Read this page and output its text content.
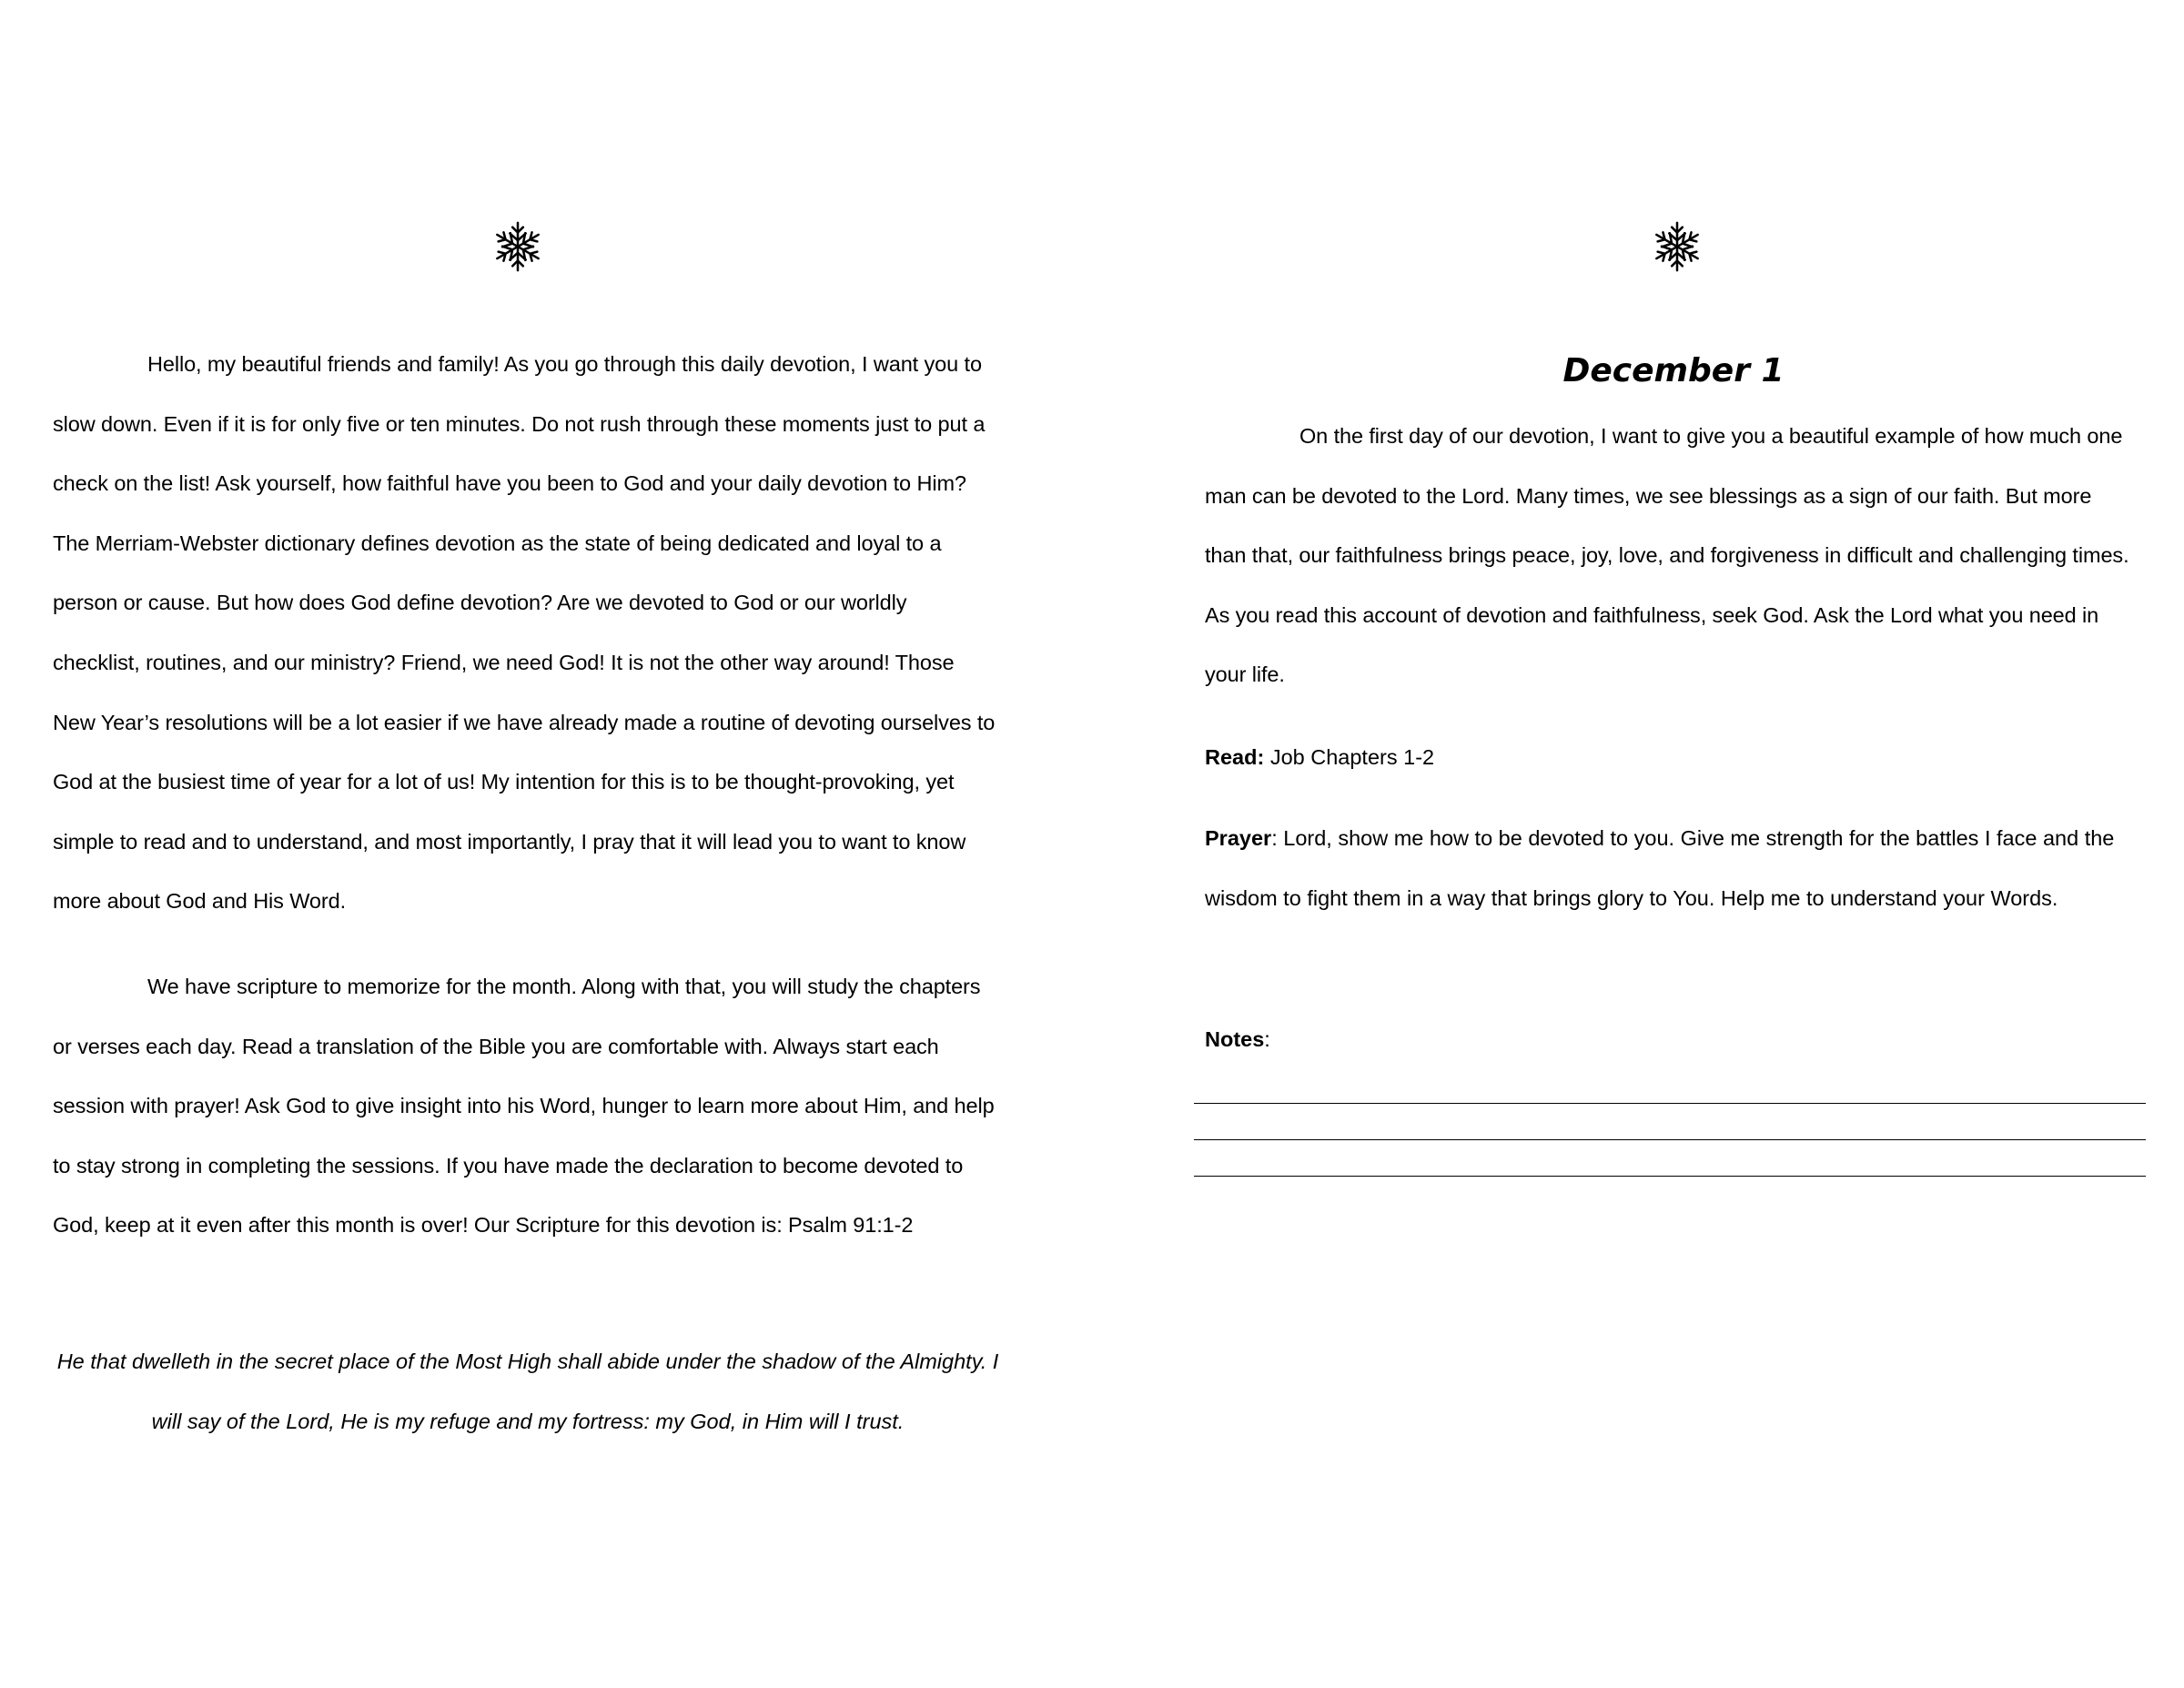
Hello, my beautiful friends and family! As you go through this daily devotion, I want you to slow down. Even if it is for only five or ten minutes. Do not rush through these moments just to put a check on the list! Ask yourself, how faithful have you been to God and your daily devotion to Him? The Merriam-Webster dictionary defines devotion as the state of being dedicated and loyal to a person or cause. But how does God define devotion? Are we devoted to God or our worldly checklist, routines, and our ministry? Friend, we need God! It is not the other way around! Those New Year’s resolutions will be a lot easier if we have already made a routine of devoting ourselves to God at the busiest time of year for a lot of us! My intention for this is to be thought-provoking, yet simple to read and to understand, and most importantly, I pray that it will lead you to want to know more about God and His Word.

We have scripture to memorize for the month. Along with that, you will study the chapters or verses each day. Read a translation of the Bible you are comfortable with. Always start each session with prayer! Ask God to give insight into his Word, hunger to learn more about Him, and help to stay strong in completing the sessions. If you have made the declaration to become devoted to God, keep at it even after this month is over! Our Scripture for this devotion is: Psalm 91:1-2

He that dwelleth in the secret place of the Most High shall abide under the shadow of the Almighty. I will say of the Lord, He is my refuge and my fortress: my God, in Him will I trust.

December 1

On the first day of our devotion, I want to give you a beautiful example of how much one man can be devoted to the Lord. Many times, we see blessings as a sign of our faith. But more than that, our faithfulness brings peace, joy, love, and forgiveness in difficult and challenging times. As you read this account of devotion and faithfulness, seek God. Ask the Lord what you need in your life.

Read: Job Chapters 1-2

Prayer: Lord, show me how to be devoted to you. Give me strength for the battles I face and the wisdom to fight them in a way that brings glory to You. Help me to understand your Words.

Notes:
